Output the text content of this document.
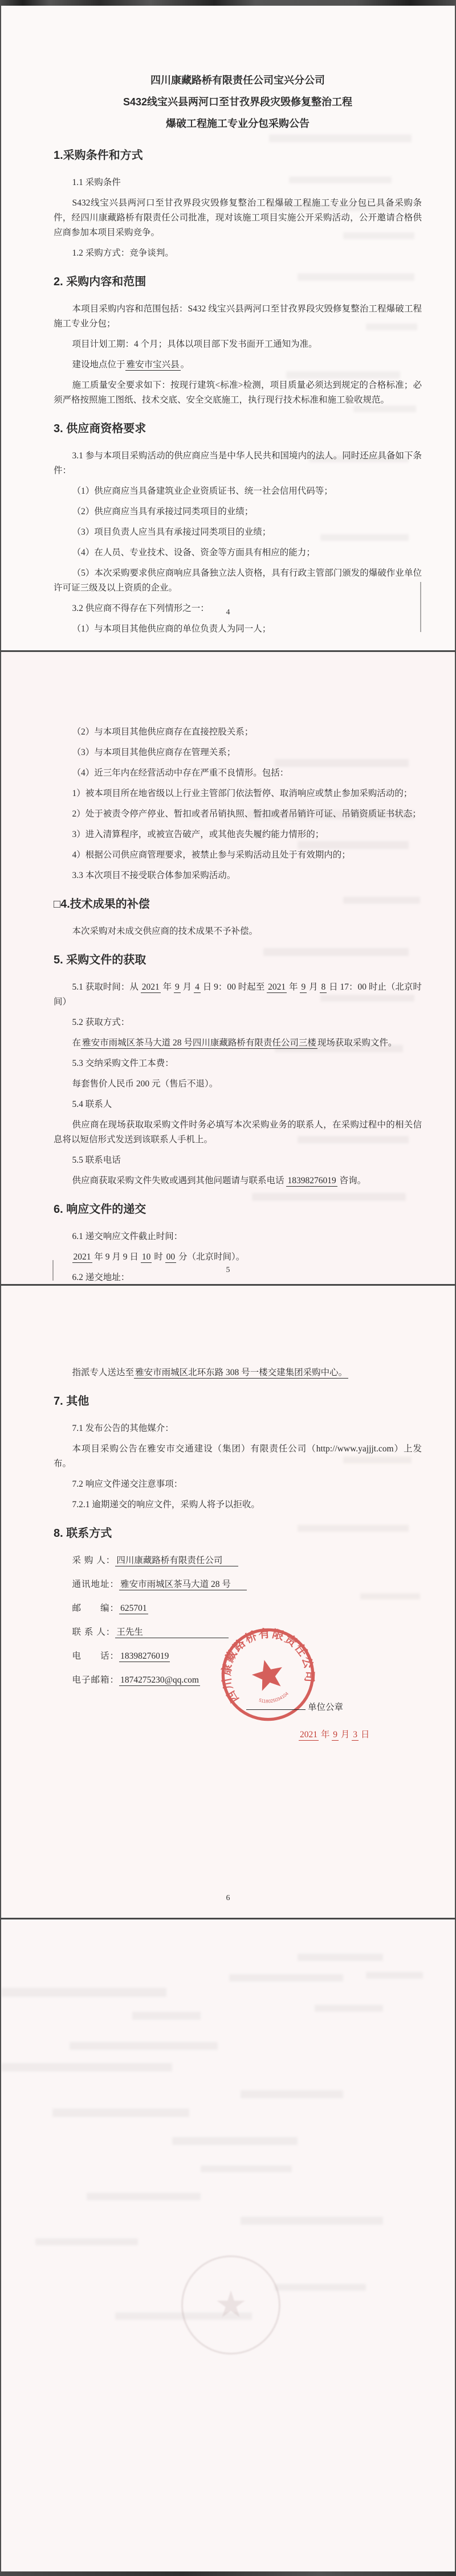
四川康藏路桥有限责任公司宝兴分公司
S432线宝兴县两河口至甘孜界段灾毁修复整治工程
爆破工程施工专业分包采购公告
1.采购条件和方式
1.1 采购条件
S432线宝兴县两河口至甘孜界段灾毁修复整治工程爆破工程施工专业分包已具备采购条件，经四川康藏路桥有限责任公司批准，现对该施工项目实施公开采购活动，公开邀请合格供应商参加本项目采购竞争。
1.2 采购方式：竞争谈判。
2. 采购内容和范围
本项目采购内容和范围包括：S432 线宝兴县两河口至甘孜界段灾毁修复整治工程爆破工程施工专业分包；
项目计划工期：4 个月；具体以项目部下发书面开工通知为准。
建设地点位于 雅安市宝兴县 。
施工质量安全要求如下：按现行建筑<标准>检测，项目质量必须达到规定的合格标准；必须严格按照施工图纸、技术交底、安全交底施工，执行现行技术标准和施工验收规范。
3. 供应商资格要求
3.1 参与本项目采购活动的供应商应当是中华人民共和国境内的法人。同时还应具备如下条件：
（1）供应商应当具备建筑业企业资质证书、统一社会信用代码等；
（2）供应商应当具有承接过同类项目的业绩；
（3）项目负责人应当具有承接过同类项目的业绩；
（4）在人员、专业技术、设备、资金等方面具有相应的能力；
（5）本次采购要求供应商响应具备独立法人资格，具有行政主管部门颁发的爆破作业单位许可证三级及以上资质的企业。
3.2 供应商不得存在下列情形之一：
（1）与本项目其他供应商的单位负责人为同一人；
4
（2）与本项目其他供应商存在直接控股关系；
（3）与本项目其他供应商存在管理关系；
（4）近三年内在经营活动中存在严重不良情形。包括：
1）被本项目所在地省级以上行业主管部门依法暂停、取消响应或禁止参加采购活动的；
2）处于被责令停产停业、暂扣或者吊销执照、暂扣或者吊销许可证、吊销资质证书状态；
3）进入清算程序，或被宣告破产，或其他丧失履约能力情形的；
4）根据公司供应商管理要求，被禁止参与采购活动且处于有效期内的；
3.3 本次项目不接受联合体参加采购活动。
□4.技术成果的补偿
本次采购对未成交供应商的技术成果不予补偿。
5. 采购文件的获取
5.1 获取时间：从 2021 年 9 月 4 日 9：00 时起至 2021 年 9 月 8 日 17：00 时止（北京时间）
5.2 获取方式：
在 雅安市雨城区茶马大道 28 号四川康藏路桥有限责任公司三楼 现场获取采购文件。
5.3 交纳采购文件工本费：
每套售价人民币 200 元（售后不退）。
5.4 联系人
供应商在现场获取取采购文件时务必填写本次采购业务的联系人，在采购过程中的相关信息将以短信形式发送到该联系人手机上。
5.5 联系电话
供应商获取采购文件失败或遇到其他问题请与联系电话 18398276019 咨询。
6. 响应文件的递交
6.1 递交响应文件截止时间：
2021 年 9 月 9 日 10 时 00 分（北京时间）。
6.2 递交地址：
5
指派专人送达至 雅安市雨城区北环东路 308 号一楼交建集团采购中心。
7. 其他
7.1 发布公告的其他媒介：
本项目采购公告在雅安市交通建设（集团）有限责任公司（http://www.yajjjt.com）上发布。
7.2 响应文件递交注意事项：
7.2.1 逾期递交的响应文件，采购人将予以拒收。
8. 联系方式
采 购 人： 四川康藏路桥有限责任公司
通讯地址： 雅安市雨城区茶马大道 28 号
邮　　编： 625701
联 系 人： 王先生
电　　话： 18398276019
电子邮箱： 1874275230@qq.com
6
四川康藏路桥有限责任公司
5118025034104
单位公章
2021 年 9 月 3 日
★
